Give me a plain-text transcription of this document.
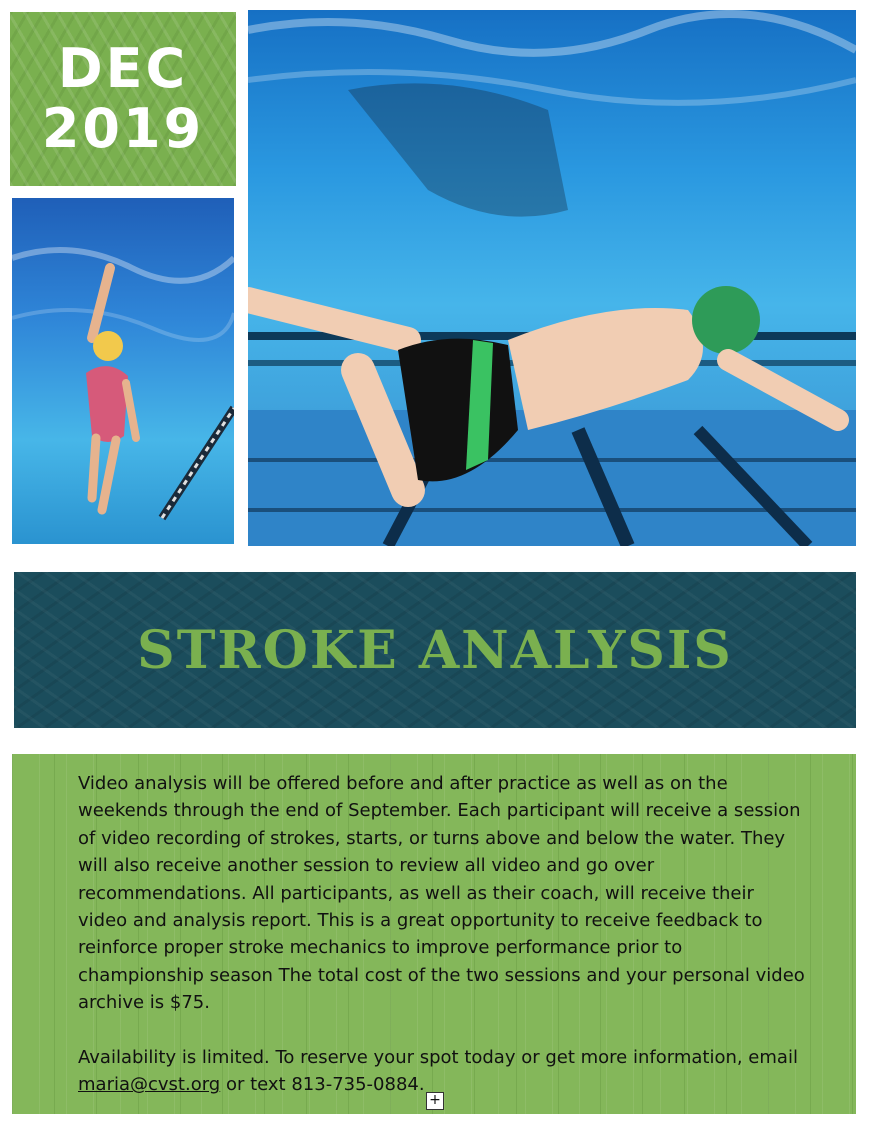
DEC
2019
STROKE ANALYSIS

Video analysis will be offered before and after practice as well as on the weekends through the end of September. Each participant will receive a session of video recording of strokes, starts, or turns above and below the water. They will also receive another session to review all video and go over recommendations. All participants, as well as their coach, will receive their video and analysis report. This is a great opportunity to receive feedback to reinforce proper stroke mechanics to improve performance prior to championship season The total cost of the two sessions and your personal video archive is $75.

Availability is limited. To reserve your spot today or get more information, email maria@cvst.org or text 813-735-0884.

+
